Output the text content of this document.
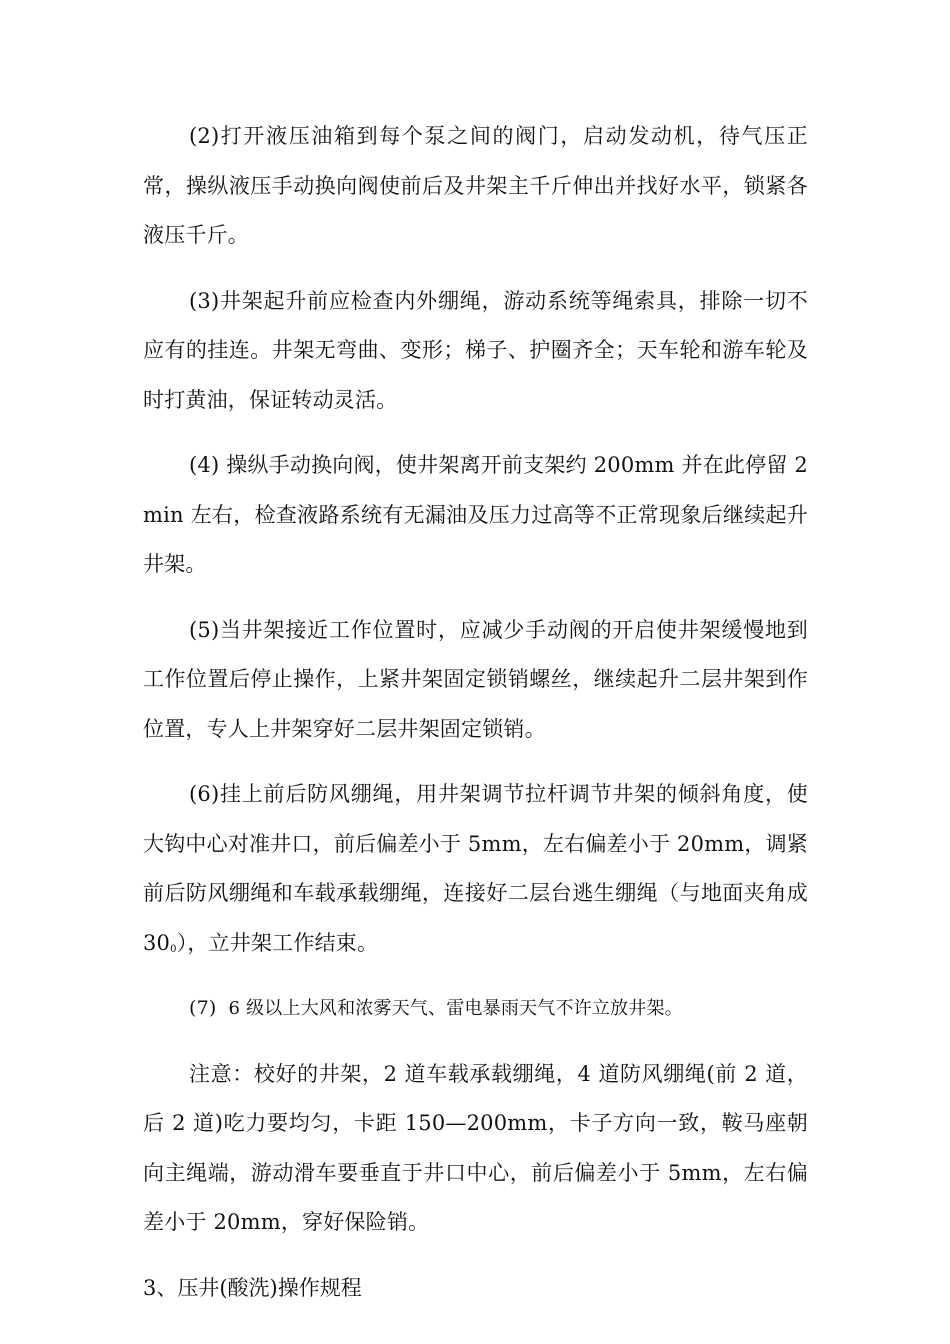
(2)打开液压油箱到每个泵之间的阀门，启动发动机，待气压正常，操纵液压手动换向阀使前后及井架主千斤伸出并找好水平，锁紧各液压千斤。

(3)井架起升前应检查内外绷绳，游动系统等绳索具，排除一切不应有的挂连。井架无弯曲、变形；梯子、护圈齐全；天车轮和游车轮及时打黄油，保证转动灵活。

(4) 操纵手动换向阀，使井架离开前支架约 200mm 并在此停留 2min 左右，检查液路系统有无漏油及压力过高等不正常现象后继续起升井架。

(5)当井架接近工作位置时，应减少手动阀的开启使井架缓慢地到工作位置后停止操作，上紧井架固定锁销螺丝，继续起升二层井架到作位置，专人上井架穿好二层井架固定锁销。

(6)挂上前后防风绷绳，用井架调节拉杆调节井架的倾斜角度，使大钩中心对准井口，前后偏差小于 5mm，左右偏差小于 20mm，调紧前后防风绷绳和车载承载绷绳，连接好二层台逃生绷绳（与地面夹角成 $30^0$），立井架工作结束。

(7) 6 级以上大风和浓雾天气、雷电暴雨天气不许立放井架。

注意：校好的井架，2 道车载承载绷绳，4 道防风绷绳(前 2 道，后 2 道)吃力要均匀，卡距 150—200mm，卡子方向一致，鞍马座朝向主绳端，游动滑车要垂直于井口中心，前后偏差小于 5mm，左右偏差小于 20mm，穿好保险销。

3、压井(酸洗)操作规程
